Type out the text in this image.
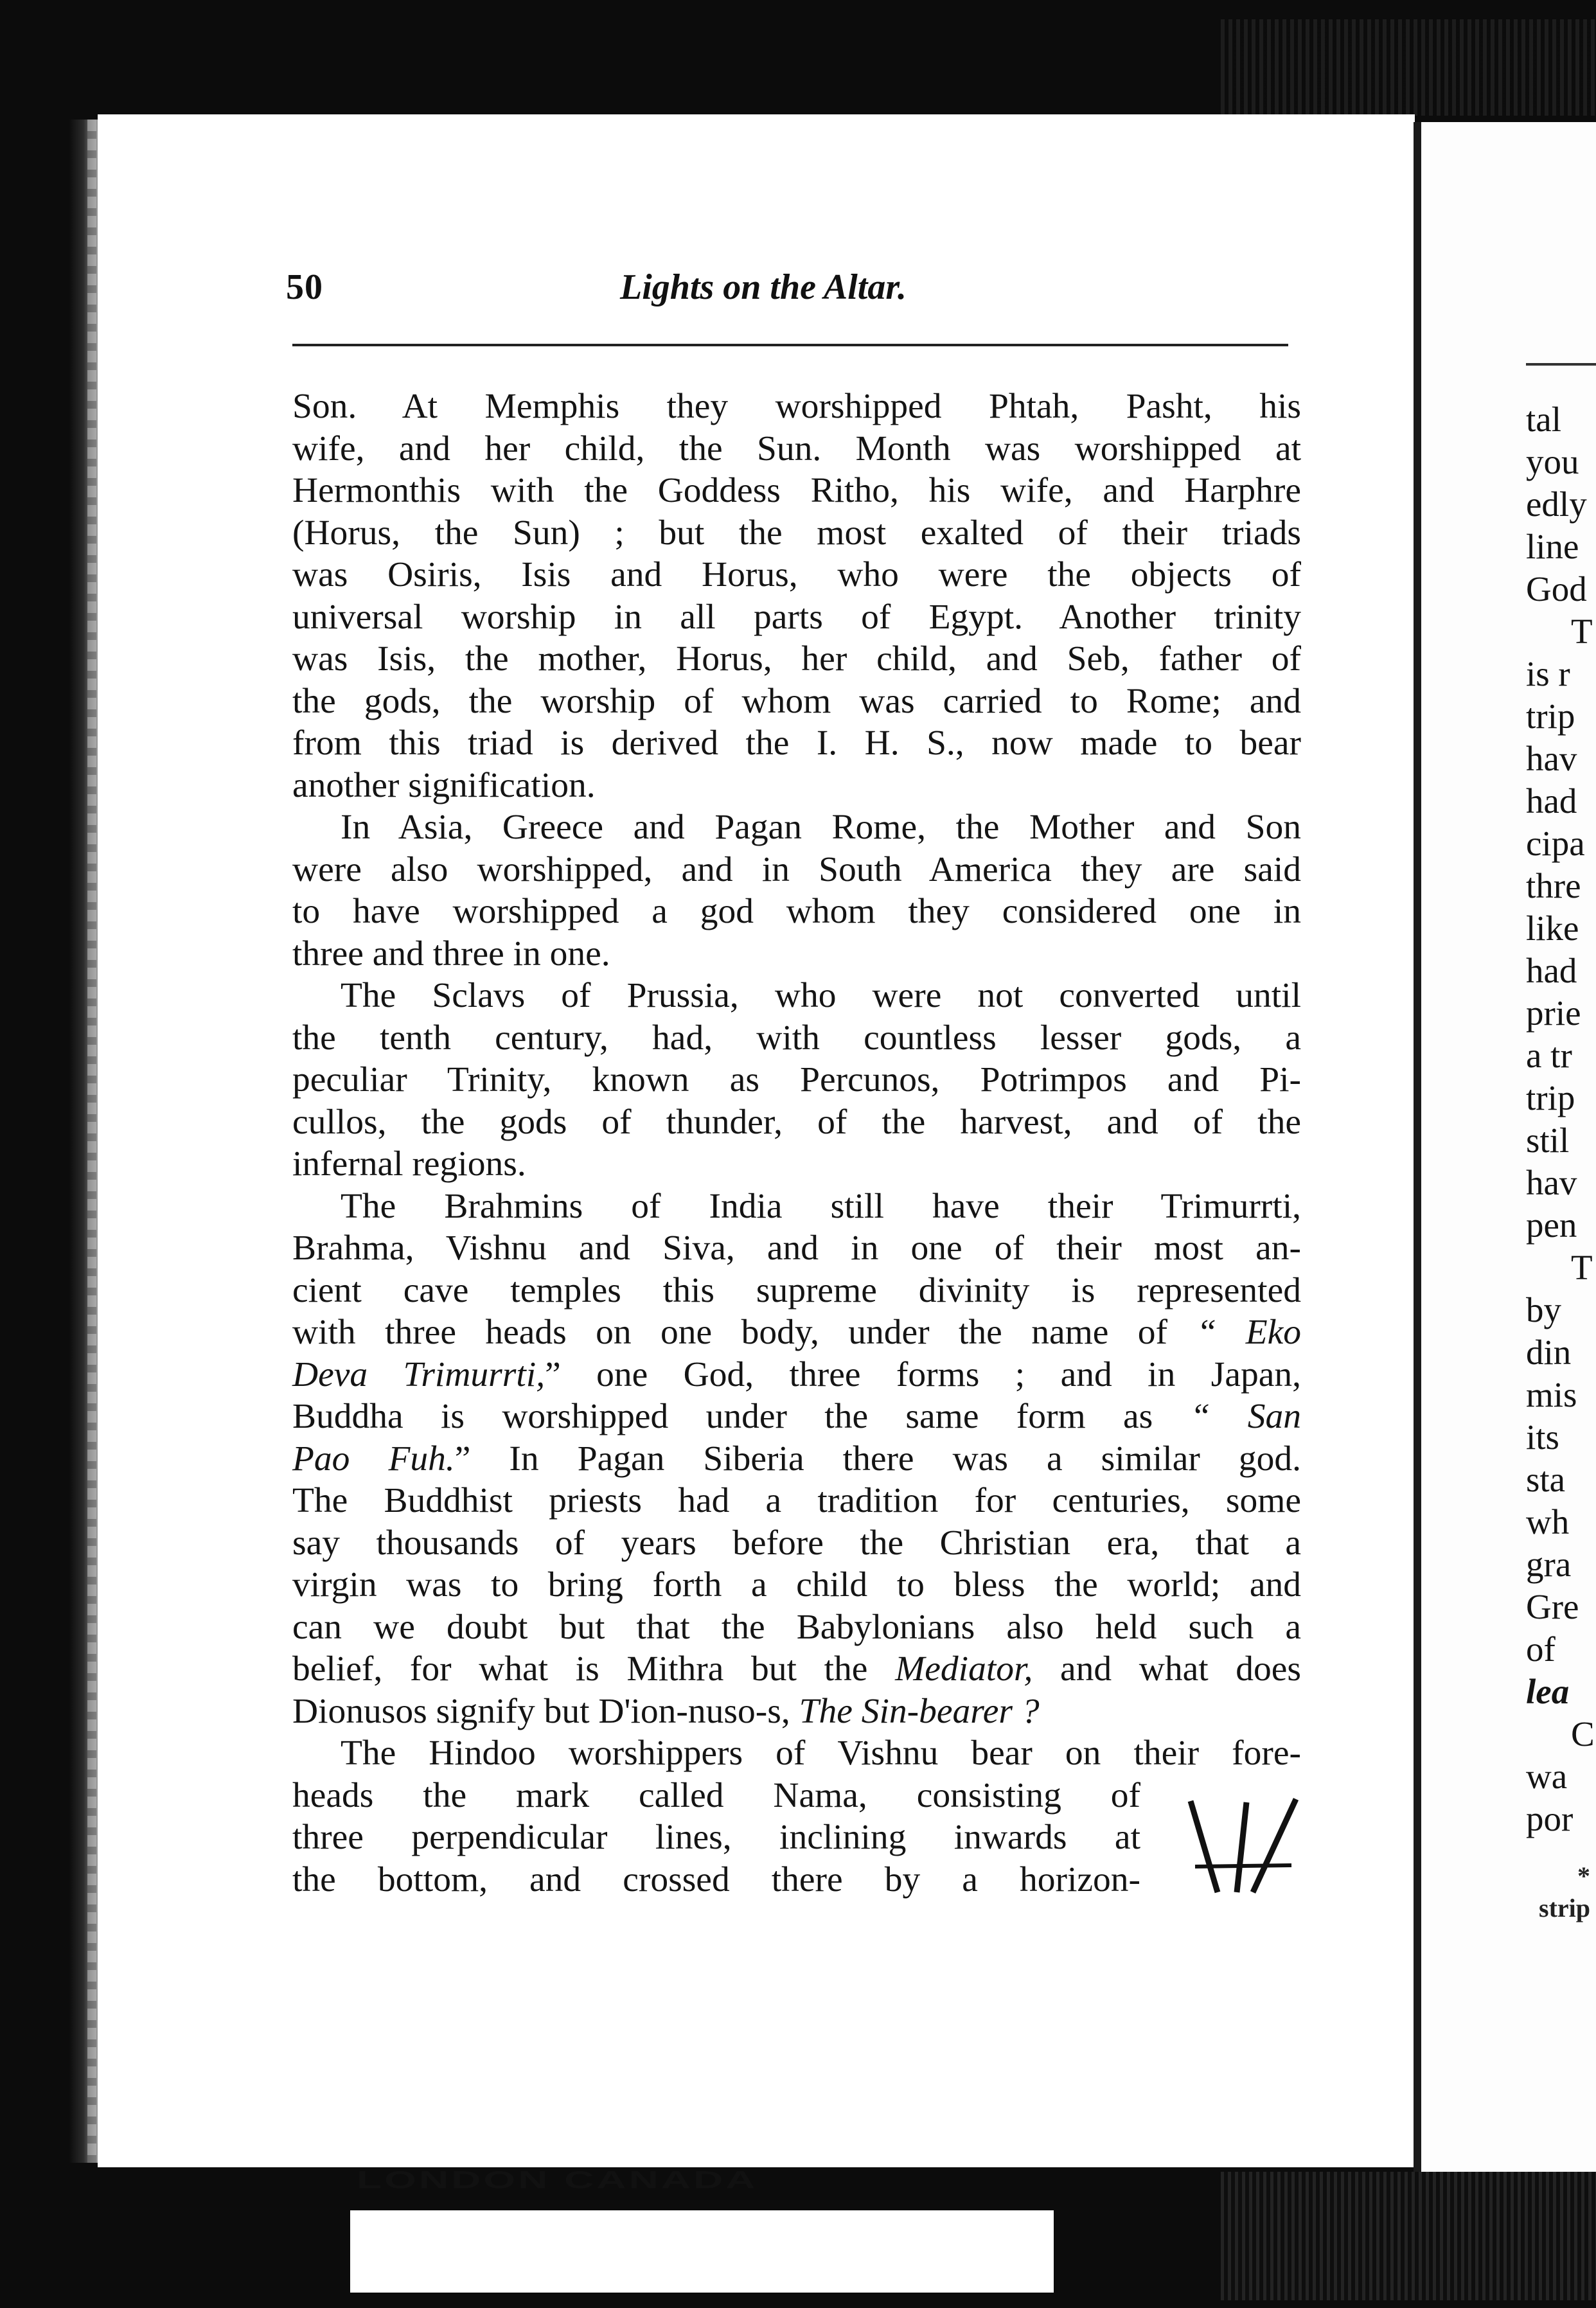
tal
you
edly
line
God
T
is r
trip
hav
had
cipa
thre
like
had
prie
a tr
trip
stil
hav
pen
T
by
din
mis
its
sta
wh
gra
Gre
of
lea
C
wa
por
*
strip
50	Lights on the Altar.
Son. At Memphis they worshipped Phtah, Pasht, his
wife, and her child, the Sun. Month was worshipped at
Hermonthis with the Goddess Ritho, his wife, and Harphre
(Horus, the Sun) ; but the most exalted of their triads
was Osiris, Isis and Horus, who were the objects of
universal worship in all parts of Egypt. Another trinity
was Isis, the mother, Horus, her child, and Seb, father of
the gods, the worship of whom was carried to Rome; and
from this triad is derived the I. H. S., now made to bear
another signification.
In Asia, Greece and Pagan Rome, the Mother and Son
were also worshipped, and in South America they are said
to have worshipped a god whom they considered one in
three and three in one.
The Sclavs of Prussia, who were not converted until
the tenth century, had, with countless lesser gods, a
peculiar Trinity, known as Percunos, Potrimpos and Pi-
cullos, the gods of thunder, of the harvest, and of the
infernal regions.
The Brahmins of India still have their Trimurrti,
Brahma, Vishnu and Siva, and in one of their most an-
cient cave temples this supreme divinity is represented
with three heads on one body, under the name of “ Eko
Deva Trimurrti,” one God, three forms ; and in Japan,
Buddha is worshipped under the same form as “ San
Pao Fuh.” In Pagan Siberia there was a similar god.
The Buddhist priests had a tradition for centuries, some
say thousands of years before the Christian era, that a
virgin was to bring forth a child to bless the world; and
can we doubt but that the Babylonians also held such a
belief, for what is Mithra but the Mediator, and what does
Dionusos signify but D'ion-nuso-s, The Sin-bearer ?
The Hindoo worshippers of Vishnu bear on their fore-
heads the mark called Nama, consisting of
three perpendicular lines, inclining inwards at
the bottom, and crossed there by a horizon-
LONDON CANADA
